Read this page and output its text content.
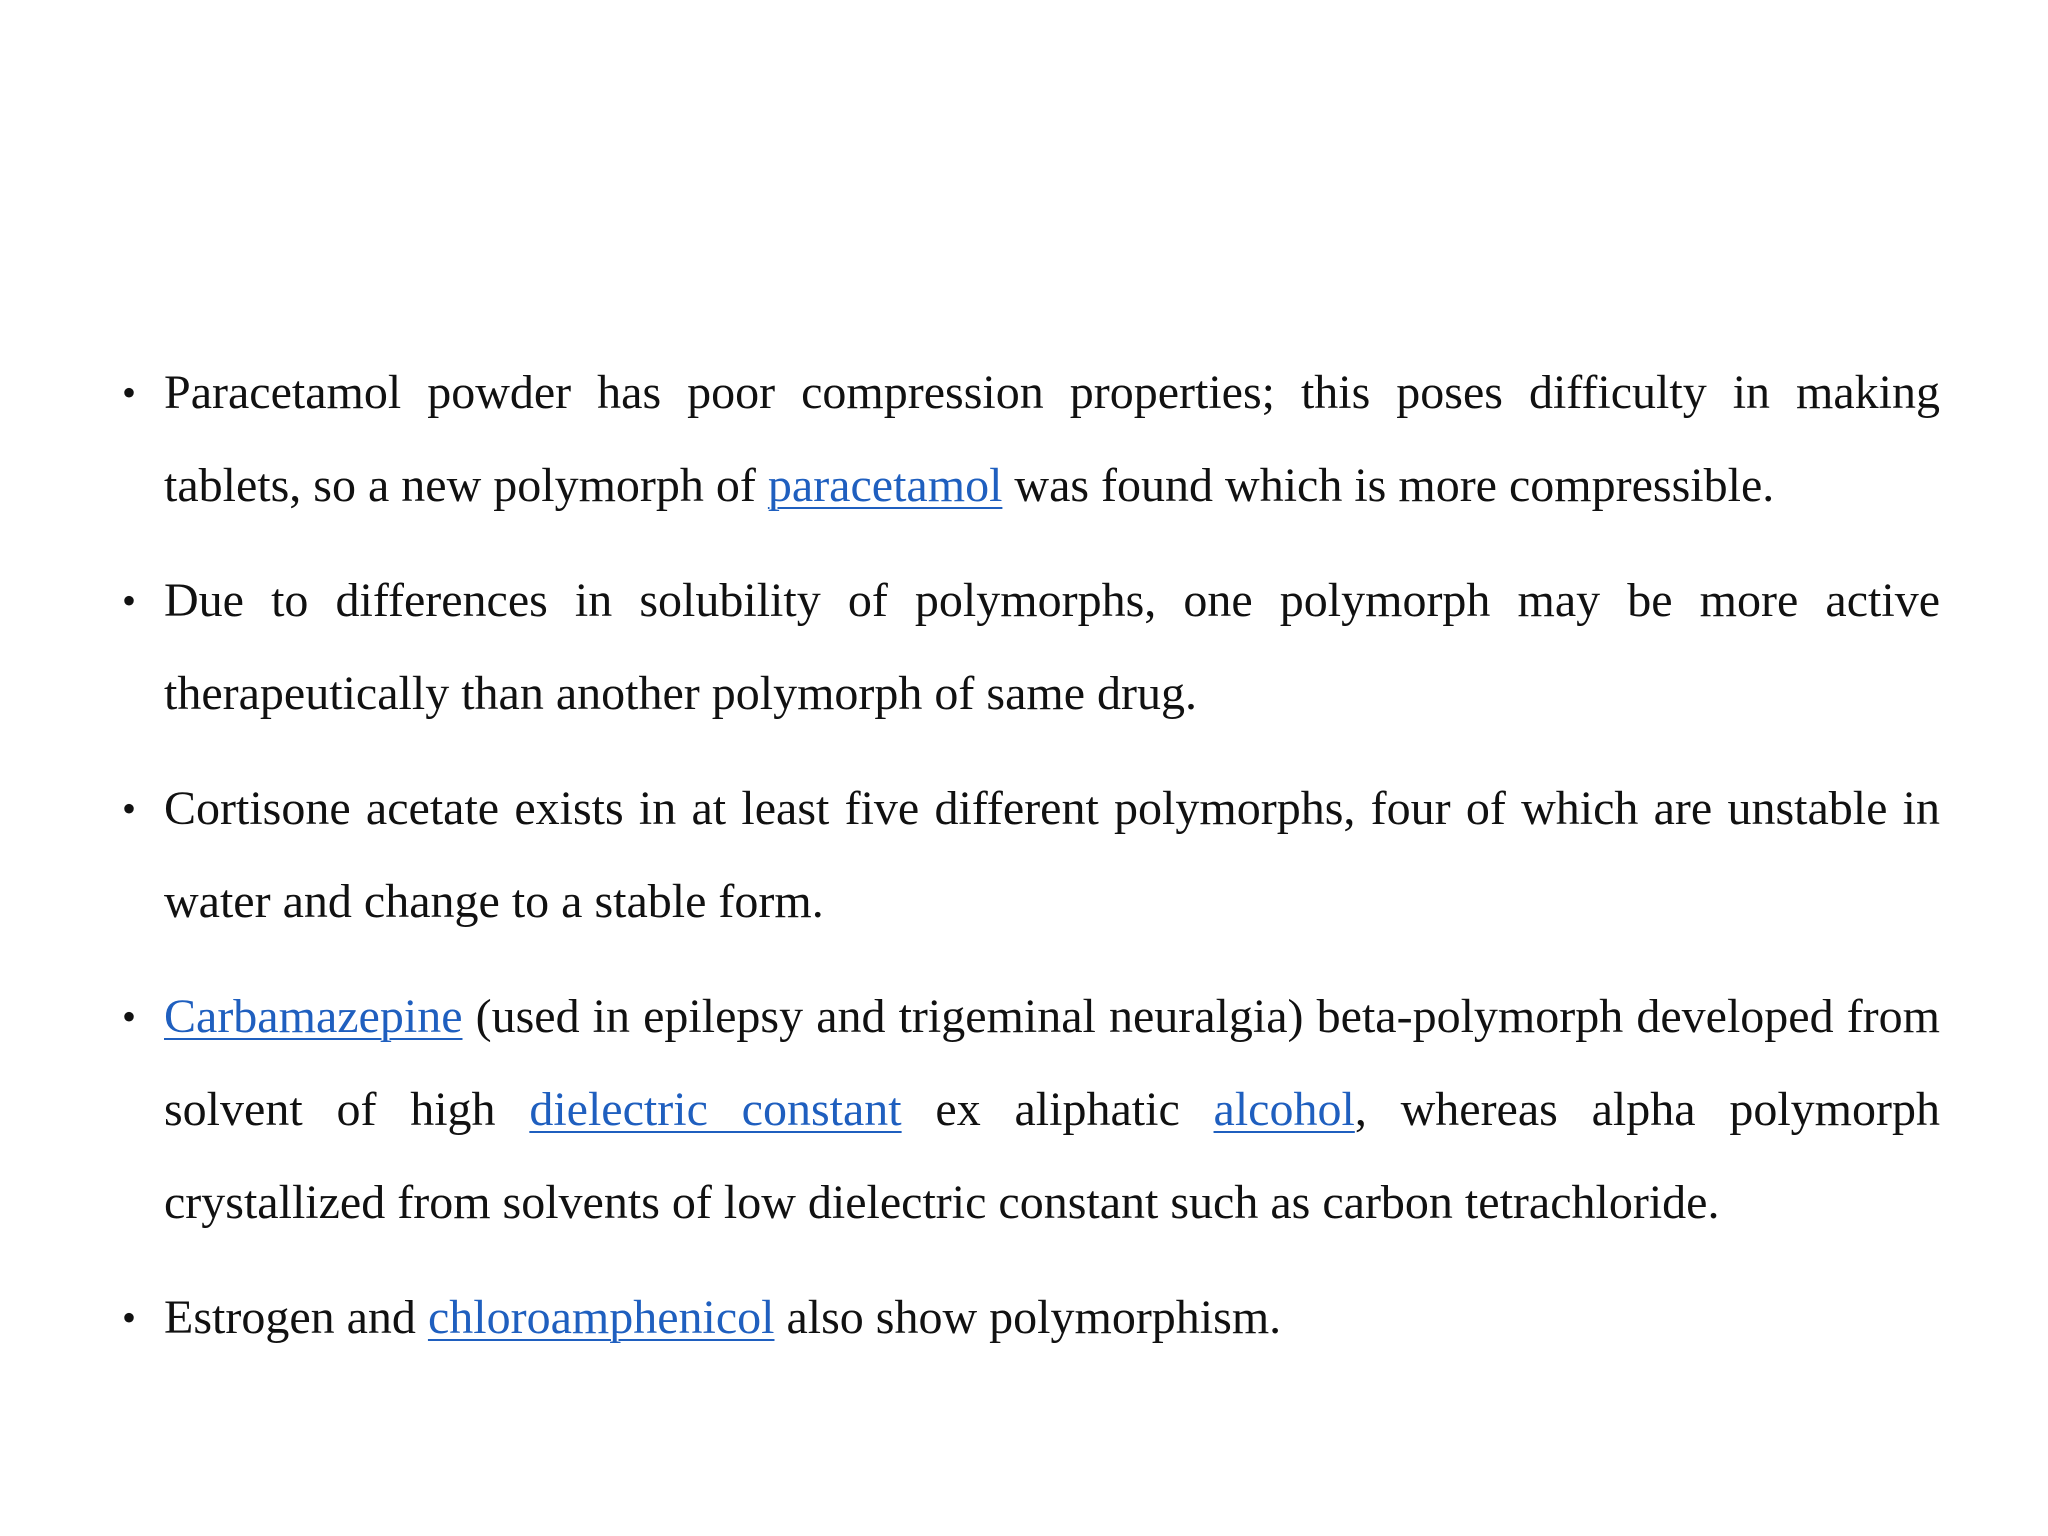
• Paracetamol powder has poor compression properties; this poses difficulty in making tablets, so a new polymorph of paracetamol was found which is more compressible.
• Due to differences in solubility of polymorphs, one polymorph may be more active therapeutically than another polymorph of same drug.
• Cortisone acetate exists in at least five different polymorphs, four of which are unstable in water and change to a stable form.
• Carbamazepine (used in epilepsy and trigeminal neuralgia) beta-polymorph developed from solvent of high dielectric constant ex aliphatic alcohol, whereas alpha polymorph crystallized from solvents of low dielectric constant such as carbon tetrachloride.
• Estrogen and chloroamphenicol also show polymorphism.
